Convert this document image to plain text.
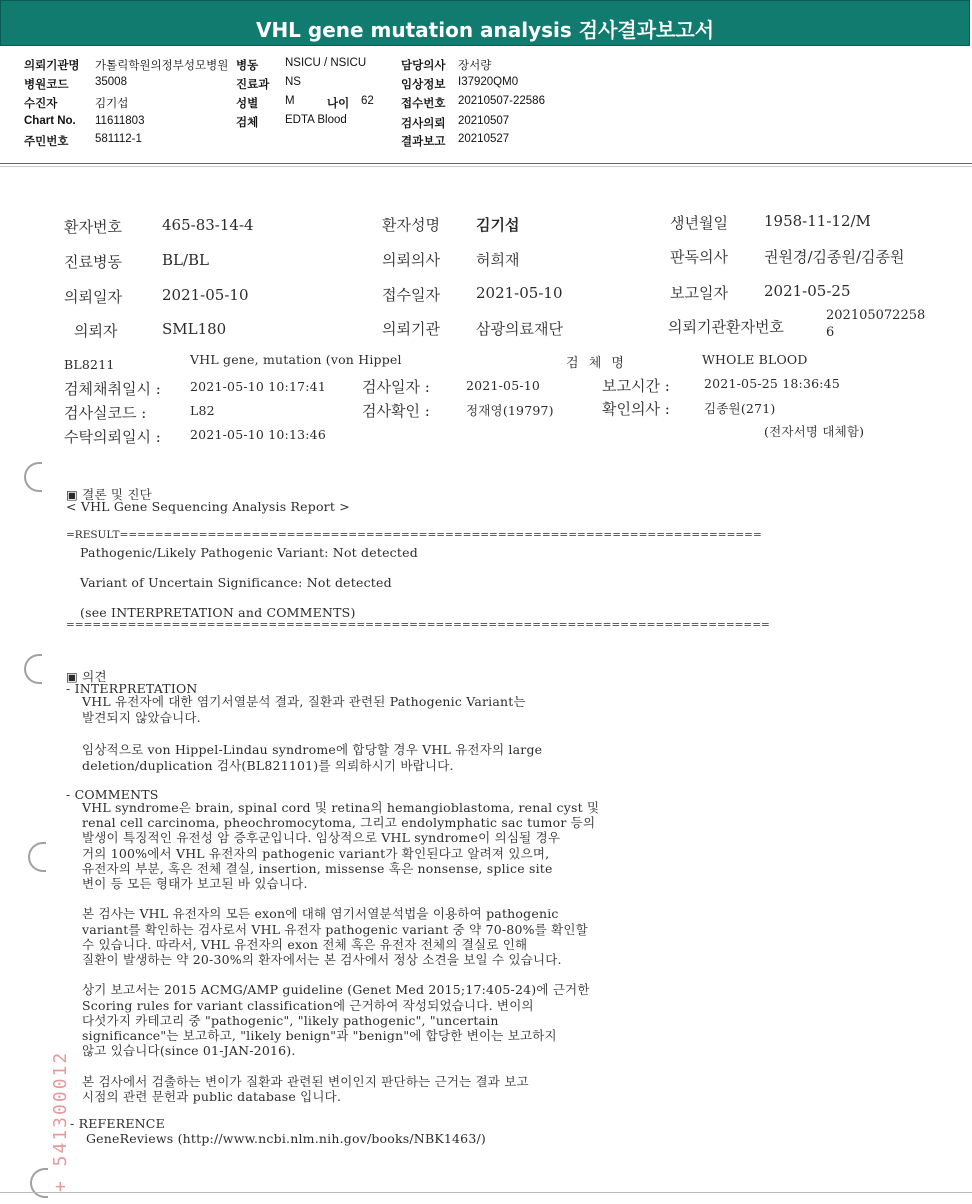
VHL gene mutation analysis 검사결과보고서
의뢰기관명 가톨릭학원의정부성모병원
병원코드 35008
수진자	김기섭
Chart No. 11611803
주민번호 581112-1
병동 NSICU / NSICU
진료과 NS
성별 M	나이 62
검체 EDTA Blood
담당의사 장서량
임상정보 I37920QM0
접수번호 20210507-22586
검사의뢰 20210507
결과보고 20210527
환자번호	465-83-14-4	환자성명 김기섭	생년월일 1958-11-12/M
진료병동	BL/BL	의뢰의사 허희재	판독의사 권원경/김종원/김종원
의뢰일자	2021-05-10	접수일자 2021-05-10	보고일자 2021-05-25
의뢰자	SML180	의뢰기관 삼광의료재단	의뢰기관환자번호
202105072258
6
BL8211	VHL gene, mutation (von Hippel	검 체 명	WHOLE BLOOD
검체채취일시 : 2021-05-10 10:17:41 검사일자 :	2021-05-10	보고시간 :	2021-05-25 18:36:45
검사실코드 :	L82	검사확인 :	정재영(19797)	확인의사 :	김종원(271)
수탁의뢰일시 : 2021-05-10 10:13:46	(전자서명 대체함)
▣ 결론 및 진단
< VHL Gene Sequencing Analysis Report >
=RESULT=========================================================================
Pathogenic/Likely Pathogenic Variant: Not detected
Variant of Uncertain Significance: Not detected
(see INTERPRETATION and COMMENTS)
================================================================================
▣ 의견
- INTERPRETATION
VHL 유전자에 대한 염기서열분석 결과, 질환과 관련된 Pathogenic Variant는
발견되지 않았습니다.

임상적으로 von Hippel-Lindau syndrome에 합당할 경우 VHL 유전자의 large
deletion/duplication 검사(BL821101)를 의뢰하시기 바랍니다.
- COMMENTS
VHL syndrome은 brain, spinal cord 및 retina의 hemangioblastoma, renal cyst 및
renal cell carcinoma, pheochromocytoma, 그리고 endolymphatic sac tumor 등의
발생이 특징적인 유전성 암 증후군입니다. 임상적으로 VHL syndrome이 의심될 경우
거의 100%에서 VHL 유전자의 pathogenic variant가 확인된다고 알려져 있으며,
유전자의 부분, 혹은 전체 결실, insertion, missense 혹은 nonsense, splice site
변이 등 모든 형태가 보고된 바 있습니다.

본 검사는 VHL 유전자의 모든 exon에 대해 염기서열분석법을 이용하여 pathogenic
variant를 확인하는 검사로서 VHL 유전자 pathogenic variant 중 약 70-80%를 확인할
수 있습니다. 따라서, VHL 유전자의 exon 전체 혹은 유전자 전체의 결실로 인해
질환이 발생하는 약 20-30%의 환자에서는 본 검사에서 정상 소견을 보일 수 있습니다.

상기 보고서는 2015 ACMG/AMP guideline (Genet Med 2015;17:405-24)에 근거한
Scoring rules for variant classification에 근거하여 작성되었습니다. 변이의
다섯가지 카테고리 중 "pathogenic", "likely pathogenic", "uncertain
significance"는 보고하고, "likely benign"과 "benign"에 합당한 변이는 보고하지
않고 있습니다(since 01-JAN-2016).

본 검사에서 검출하는 변이가 질환과 관련된 변이인지 판단하는 근거는 결과 보고
시점의 관련 문헌과 public database 입니다.
- REFERENCE
GeneReviews (http://www.ncbi.nlm.nih.gov/books/NBK1463/)
+ 541300012
